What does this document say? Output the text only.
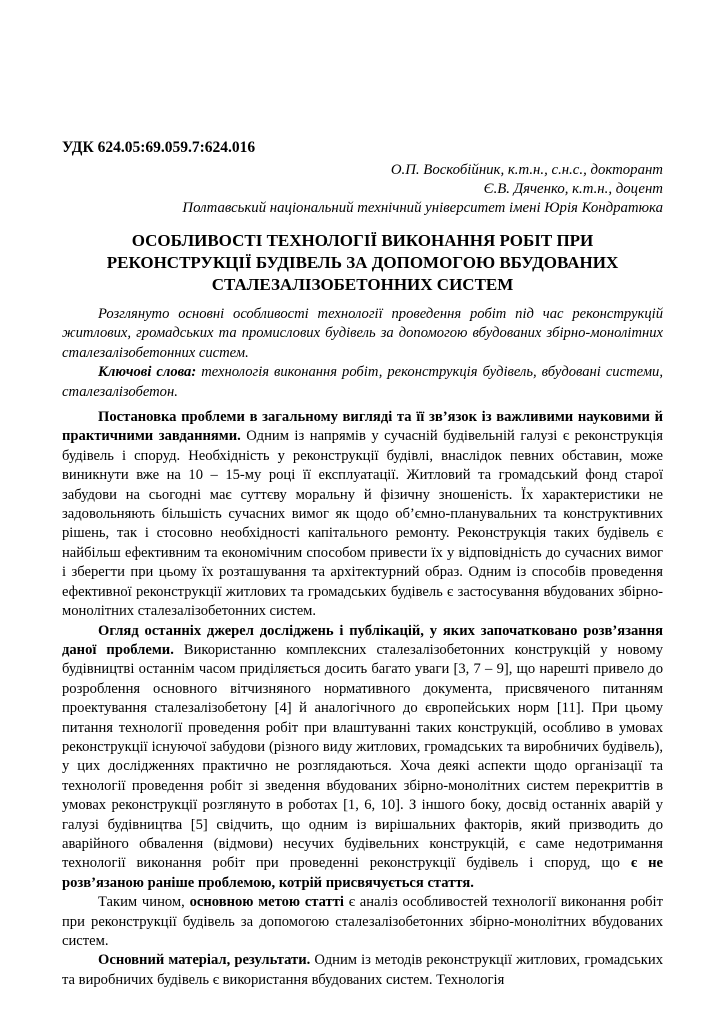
УДК 624.05:69.059.7:624.016

О.П. Воскобійник, к.т.н., с.н.с., докторант
Є.В. Дяченко, к.т.н., доцент
Полтавський національний технічний університет імені Юрія Кондратюка
ОСОБЛИВОСТІ ТЕХНОЛОГІЇ ВИКОНАННЯ РОБІТ ПРИ
РЕКОНСТРУКЦІЇ БУДІВЕЛЬ ЗА ДОПОМОГОЮ ВБУДОВАНИХ
СТАЛЕЗАЛІЗОБЕТОННИХ СИСТЕМ

Розглянуто основні особливості технології проведення робіт під час реконструкцій житлових, громадських та промислових будівель за допомогою вбудованих збірно-монолітних сталезалізобетонних систем.

Ключові слова: технологія виконання робіт, реконструкція будівель, вбудовані системи, сталезалізобетон.

Постановка проблеми в загальному вигляді та її зв’язок із важливими науковими й практичними завданнями. Одним із напрямів у сучасній будівельній галузі є реконструкція будівель і споруд. Необхідність у реконструкції будівлі, внаслідок певних обставин, може виникнути вже на 10 – 15-му році її експлуатації. Житловий та громадський фонд старої забудови на сьогодні має суттєву моральну й фізичну зношеність. Їх характеристики не задовольняють більшість сучасних вимог як щодо об’ємно-планувальних та конструктивних рішень, так і стосовно необхідності капітального ремонту. Реконструкція таких будівель є найбільш ефективним та економічним способом привести їх у відповідність до сучасних вимог і зберегти при цьому їх розташування та архітектурний образ. Одним із способів проведення ефективної реконструкції житлових та громадських будівель є застосування вбудованих збірно-монолітних сталезалізобетонних систем.

Огляд останніх джерел досліджень і публікацій, у яких започатковано розв’язання даної проблеми. Використанню комплексних сталезалізобетонних конструкцій у новому будівництві останнім часом приділяється досить багато уваги [3, 7 – 9], що нарешті привело до розроблення основного вітчизняного нормативного документа, присвяченого питанням проектування сталезалізобетону [4] й аналогічного до європейських норм [11]. При цьому питання технології проведення робіт при влаштуванні таких конструкцій, особливо в умовах реконструкції існуючої забудови (різного виду житлових, громадських та виробничих будівель), у цих дослідженнях практично не розглядаються. Хоча деякі аспекти щодо організації та технології проведення робіт зі зведення вбудованих збірно-монолітних систем перекриттів в умовах реконструкції розглянуто в роботах [1, 6, 10]. З іншого боку, досвід останніх аварій у галузі будівництва [5] свідчить, що одним із вирішальних факторів, який призводить до аварійного обвалення (відмови) несучих будівельних конструкцій, є саме недотримання технології виконання робіт при проведенні реконструкції будівель і споруд, що є не розв’язаною раніше проблемою, котрій присвячується стаття.

Таким чином, основною метою статті є аналіз особливостей технології виконання робіт при реконструкції будівель за допомогою сталезалізобетонних збірно-монолітних вбудованих систем.

Основний матеріал, результати. Одним із методів реконструкції житлових, громадських та виробничих будівель є використання вбудованих систем. Технологія
